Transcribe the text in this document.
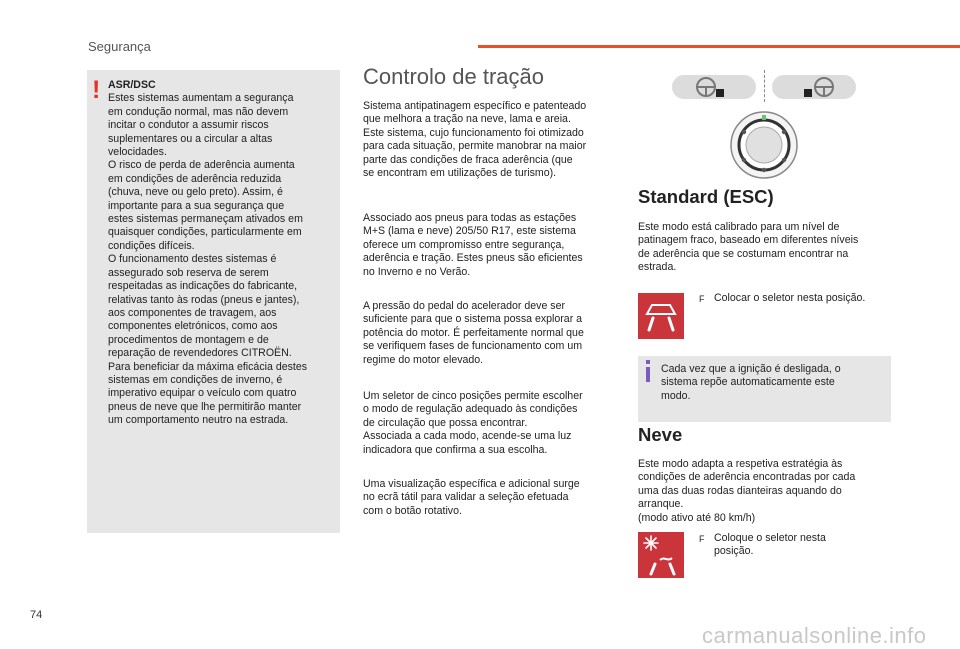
Segurança
! ASR/DSC
Estes sistemas aumentam a segurança
em condução normal, mas não devem
incitar o condutor a assumir riscos
suplementares ou a circular a altas
velocidades.
O risco de perda de aderência aumenta
em condições de aderência reduzida
(chuva, neve ou gelo preto). Assim, é
importante para a sua segurança que
estes sistemas permaneçam ativados em
quaisquer condições, particularmente em
condições difíceis.
O funcionamento destes sistemas é
assegurado sob reserva de serem
respeitadas as indicações do fabricante,
relativas tanto às rodas (pneus e jantes),
aos componentes de travagem, aos
componentes eletrónicos, como aos
procedimentos de montagem e de
reparação de revendedores CITROËN.
Para beneficiar da máxima eficácia destes
sistemas em condições de inverno, é
imperativo equipar o veículo com quatro
pneus de neve que lhe permitirão manter
um comportamento neutro na estrada.
Controlo de tração

Sistema antipatinagem específico e patenteado
que melhora a tração na neve, lama e areia.
Este sistema, cujo funcionamento foi otimizado
para cada situação, permite manobrar na maior
parte das condições de fraca aderência (que
se encontram em utilizações de turismo).

Associado aos pneus para todas as estações
M+S (lama e neve) 205/50 R17, este sistema
oferece um compromisso entre segurança,
aderência e tração. Estes pneus são eficientes
no Inverno e no Verão.

A pressão do pedal do acelerador deve ser
suficiente para que o sistema possa explorar a
potência do motor. É perfeitamente normal que
se verifiquem fases de funcionamento com um
regime do motor elevado.

Um seletor de cinco posições permite escolher
o modo de regulação adequado às condições
de circulação que possa encontrar.
Associada a cada modo, acende-se uma luz
indicadora que confirma a sua escolha.

Uma visualização específica e adicional surge
no ecrã tátil para validar a seleção efetuada
com o botão rotativo.

Standard (ESC)

Este modo está calibrado para um nível de
patinagem fraco, baseado em diferentes níveis
de aderência que se costumam encontrar na
estrada.

F Colocar o seletor nesta posição.

Cada vez que a ignição é desligada, o
sistema repõe automaticamente este
modo.

Neve

Este modo adapta a respetiva estratégia às
condições de aderência encontradas por cada
uma das duas rodas dianteiras aquando do
arranque.
(modo ativo até 80 km/h)

F Coloque o seletor nesta
posição.
74
carmanualsonline.info
